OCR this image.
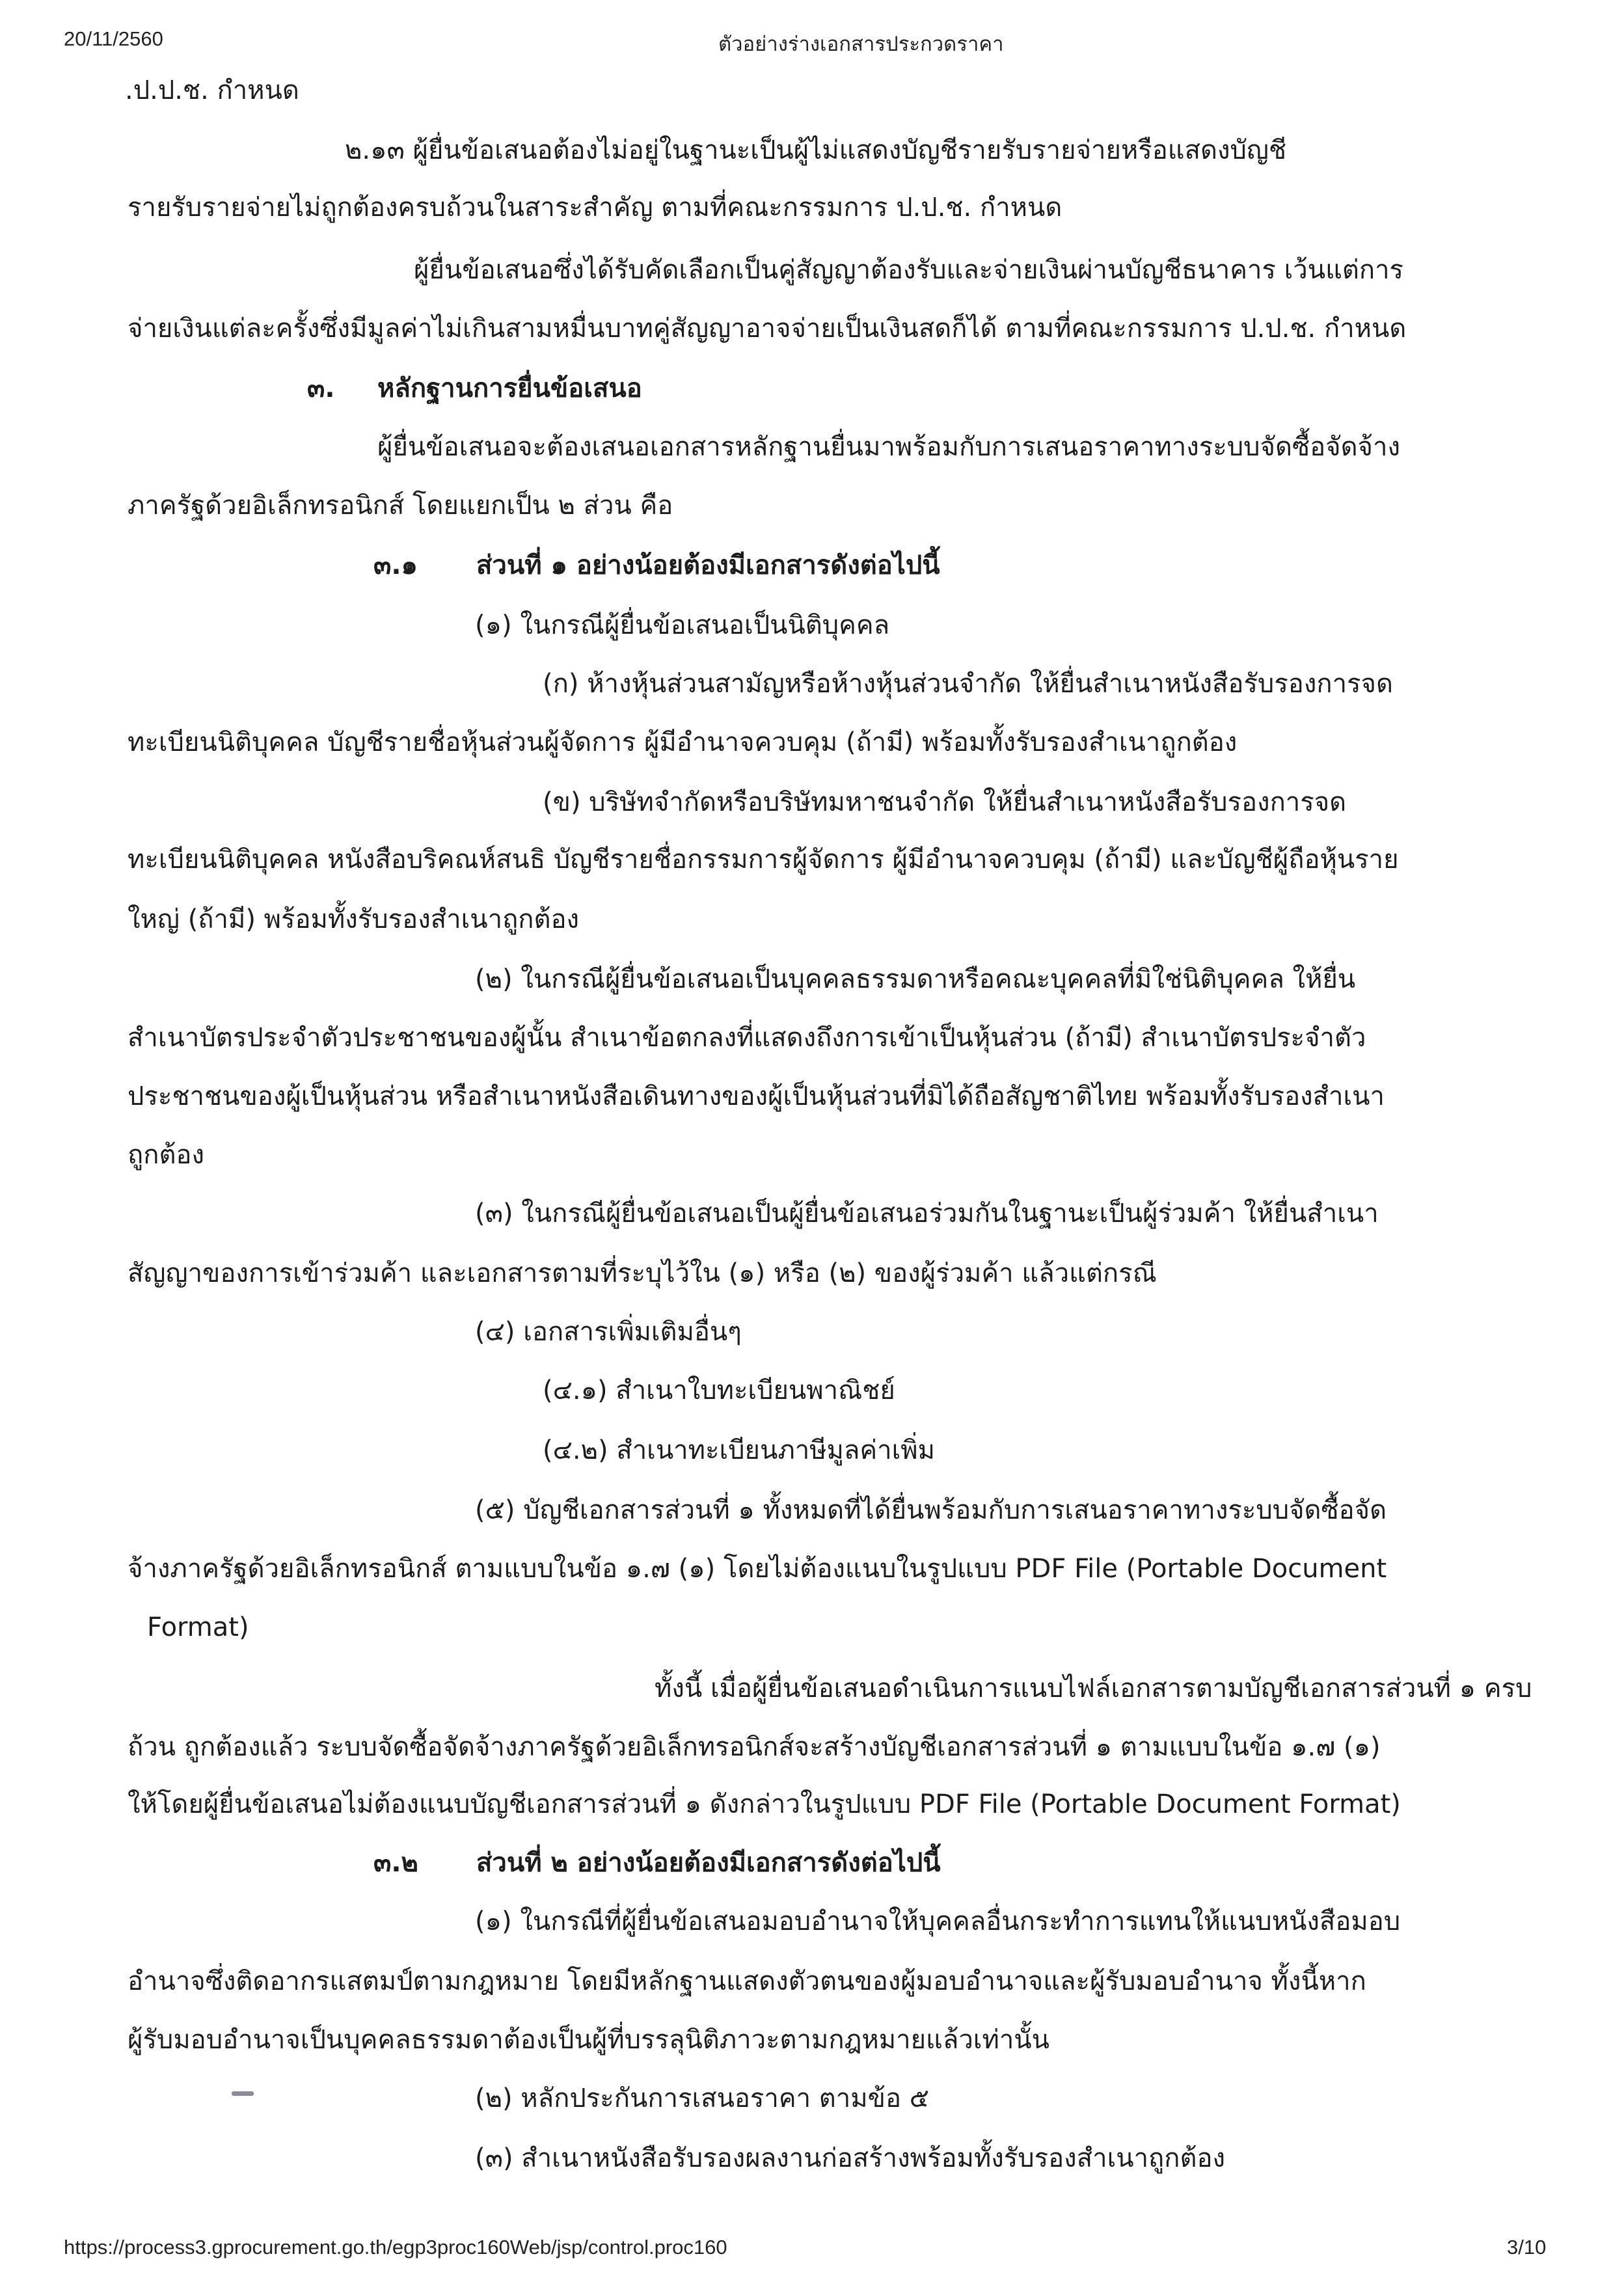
20/11/2560	ตัวอย่างร่างเอกสารประกวดราคา
.ป.ป.ช. กำหนด
๒.๑๓ ผู้ยื่นข้อเสนอต้องไม่อยู่ในฐานะเป็นผู้ไม่แสดงบัญชีรายรับรายจ่ายหรือแสดงบัญชี
รายรับรายจ่ายไม่ถูกต้องครบถ้วนในสาระสำคัญ ตามที่คณะกรรมการ ป.ป.ช. กำหนด
ผู้ยื่นข้อเสนอซึ่งได้รับคัดเลือกเป็นคู่สัญญาต้องรับและจ่ายเงินผ่านบัญชีธนาคาร เว้นแต่การ
จ่ายเงินแต่ละครั้งซึ่งมีมูลค่าไม่เกินสามหมื่นบาทคู่สัญญาอาจจ่ายเป็นเงินสดก็ได้ ตามที่คณะกรรมการ ป.ป.ช. กำหนด
๓. หลักฐานการยื่นข้อเสนอ
ผู้ยื่นข้อเสนอจะต้องเสนอเอกสารหลักฐานยื่นมาพร้อมกับการเสนอราคาทางระบบจัดซื้อจัดจ้าง
ภาครัฐด้วยอิเล็กทรอนิกส์ โดยแยกเป็น ๒ ส่วน คือ
๓.๑ ส่วนที่ ๑ อย่างน้อยต้องมีเอกสารดังต่อไปนี้
(๑) ในกรณีผู้ยื่นข้อเสนอเป็นนิติบุคคล
(ก) ห้างหุ้นส่วนสามัญหรือห้างหุ้นส่วนจำกัด ให้ยื่นสำเนาหนังสือรับรองการจด
ทะเบียนนิติบุคคล บัญชีรายชื่อหุ้นส่วนผู้จัดการ ผู้มีอำนาจควบคุม (ถ้ามี) พร้อมทั้งรับรองสำเนาถูกต้อง
(ข) บริษัทจำกัดหรือบริษัทมหาชนจำกัด ให้ยื่นสำเนาหนังสือรับรองการจด
ทะเบียนนิติบุคคล หนังสือบริคณห์สนธิ บัญชีรายชื่อกรรมการผู้จัดการ ผู้มีอำนาจควบคุม (ถ้ามี) และบัญชีผู้ถือหุ้นราย
ใหญ่ (ถ้ามี) พร้อมทั้งรับรองสำเนาถูกต้อง
(๒) ในกรณีผู้ยื่นข้อเสนอเป็นบุคคลธรรมดาหรือคณะบุคคลที่มิใช่นิติบุคคล ให้ยื่น
สำเนาบัตรประจำตัวประชาชนของผู้นั้น สำเนาข้อตกลงที่แสดงถึงการเข้าเป็นหุ้นส่วน (ถ้ามี) สำเนาบัตรประจำตัว
ประชาชนของผู้เป็นหุ้นส่วน หรือสำเนาหนังสือเดินทางของผู้เป็นหุ้นส่วนที่มิได้ถือสัญชาติไทย พร้อมทั้งรับรองสำเนา
ถูกต้อง
(๓) ในกรณีผู้ยื่นข้อเสนอเป็นผู้ยื่นข้อเสนอร่วมกันในฐานะเป็นผู้ร่วมค้า ให้ยื่นสำเนา
สัญญาของการเข้าร่วมค้า และเอกสารตามที่ระบุไว้ใน (๑) หรือ (๒) ของผู้ร่วมค้า แล้วแต่กรณี
(๔) เอกสารเพิ่มเติมอื่นๆ
(๔.๑) สำเนาใบทะเบียนพาณิชย์
(๔.๒) สำเนาทะเบียนภาษีมูลค่าเพิ่ม
(๕) บัญชีเอกสารส่วนที่ ๑ ทั้งหมดที่ได้ยื่นพร้อมกับการเสนอราคาทางระบบจัดซื้อจัด
จ้างภาครัฐด้วยอิเล็กทรอนิกส์ ตามแบบในข้อ ๑.๗ (๑) โดยไม่ต้องแนบในรูปแบบ PDF File (Portable Document
Format)
ทั้งนี้ เมื่อผู้ยื่นข้อเสนอดำเนินการแนบไฟล์เอกสารตามบัญชีเอกสารส่วนที่ ๑ ครบ
ถ้วน ถูกต้องแล้ว ระบบจัดซื้อจัดจ้างภาครัฐด้วยอิเล็กทรอนิกส์จะสร้างบัญชีเอกสารส่วนที่ ๑ ตามแบบในข้อ ๑.๗ (๑)
ให้โดยผู้ยื่นข้อเสนอไม่ต้องแนบบัญชีเอกสารส่วนที่ ๑ ดังกล่าวในรูปแบบ PDF File (Portable Document Format)
๓.๒ ส่วนที่ ๒ อย่างน้อยต้องมีเอกสารดังต่อไปนี้
(๑) ในกรณีที่ผู้ยื่นข้อเสนอมอบอำนาจให้บุคคลอื่นกระทำการแทนให้แนบหนังสือมอบ
อำนาจซึ่งติดอากรแสตมป์ตามกฎหมาย โดยมีหลักฐานแสดงตัวตนของผู้มอบอำนาจและผู้รับมอบอำนาจ ทั้งนี้หาก
ผู้รับมอบอำนาจเป็นบุคคลธรรมดาต้องเป็นผู้ที่บรรลุนิติภาวะตามกฎหมายแล้วเท่านั้น
(๒) หลักประกันการเสนอราคา ตามข้อ ๕
(๓) สำเนาหนังสือรับรองผลงานก่อสร้างพร้อมทั้งรับรองสำเนาถูกต้อง
https://process3.gprocurement.go.th/egp3proc160Web/jsp/control.proc160	3/10
